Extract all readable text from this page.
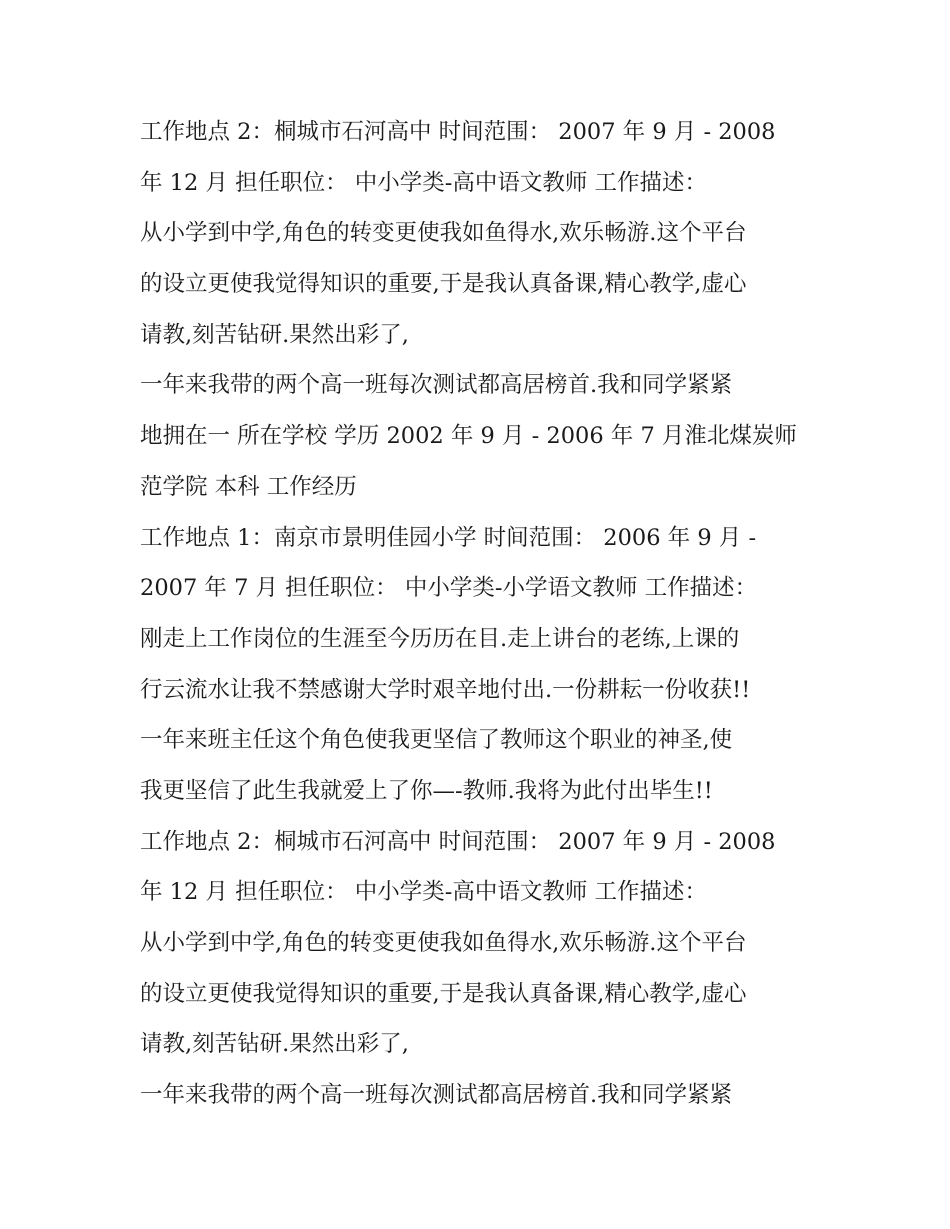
工作地点 2：桐城市石河高中 时间范围： 2007 年 9 月 - 2008

年 12 月 担任职位： 中小学类-高中语文教师 工作描述：

从小学到中学,角色的转变更使我如鱼得水,欢乐畅游.这个平台

的设立更使我觉得知识的重要,于是我认真备课,精心教学,虚心

请教,刻苦钻研.果然出彩了,

一年来我带的两个高一班每次测试都高居榜首.我和同学紧紧

地拥在一 所在学校 学历 2002 年 9 月 - 2006 年 7 月淮北煤炭师

范学院 本科 工作经历

工作地点 1：南京市景明佳园小学 时间范围： 2006 年 9 月 -

2007 年 7 月 担任职位： 中小学类-小学语文教师 工作描述：

刚走上工作岗位的生涯至今历历在目.走上讲台的老练,上课的

行云流水让我不禁感谢大学时艰辛地付出.一份耕耘一份收获!!

一年来班主任这个角色使我更坚信了教师这个职业的神圣,使

我更坚信了此生我就爱上了你—-教师.我将为此付出毕生!!

工作地点 2：桐城市石河高中 时间范围： 2007 年 9 月 - 2008

年 12 月 担任职位： 中小学类-高中语文教师 工作描述：

从小学到中学,角色的转变更使我如鱼得水,欢乐畅游.这个平台

的设立更使我觉得知识的重要,于是我认真备课,精心教学,虚心

请教,刻苦钻研.果然出彩了,

一年来我带的两个高一班每次测试都高居榜首.我和同学紧紧
